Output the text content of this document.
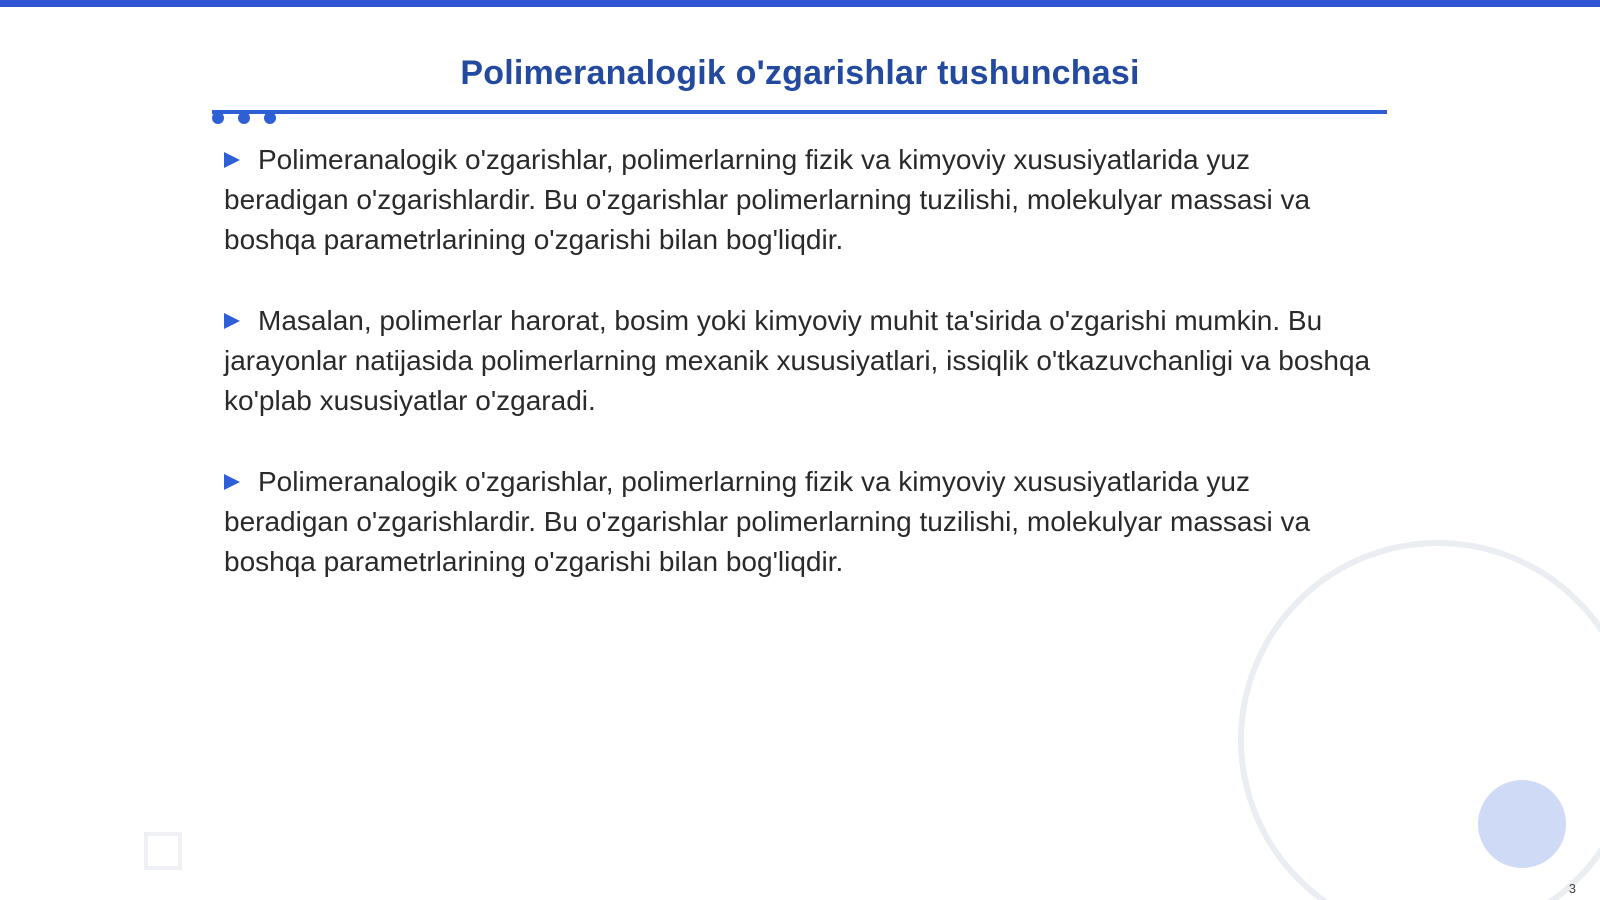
Polimeranalogik o'zgarishlar tushunchasi

Polimeranalogik o'zgarishlar, polimerlarning fizik va kimyoviy xususiyatlarida yuz beradigan o'zgarishlardir. Bu o'zgarishlar polimerlarning tuzilishi, molekulyar massasi va boshqa parametrlarining o'zgarishi bilan bog'liqdir.

Masalan, polimerlar harorat, bosim yoki kimyoviy muhit ta'sirida o'zgarishi mumkin. Bu jarayonlar natijasida polimerlarning mexanik xususiyatlari, issiqlik o'tkazuvchanligi va boshqa ko'plab xususiyatlar o'zgaradi.

Polimeranalogik o'zgarishlar, polimerlarning fizik va kimyoviy xususiyatlarida yuz beradigan o'zgarishlardir. Bu o'zgarishlar polimerlarning tuzilishi, molekulyar massasi va boshqa parametrlarining o'zgarishi bilan bog'liqdir.

3
